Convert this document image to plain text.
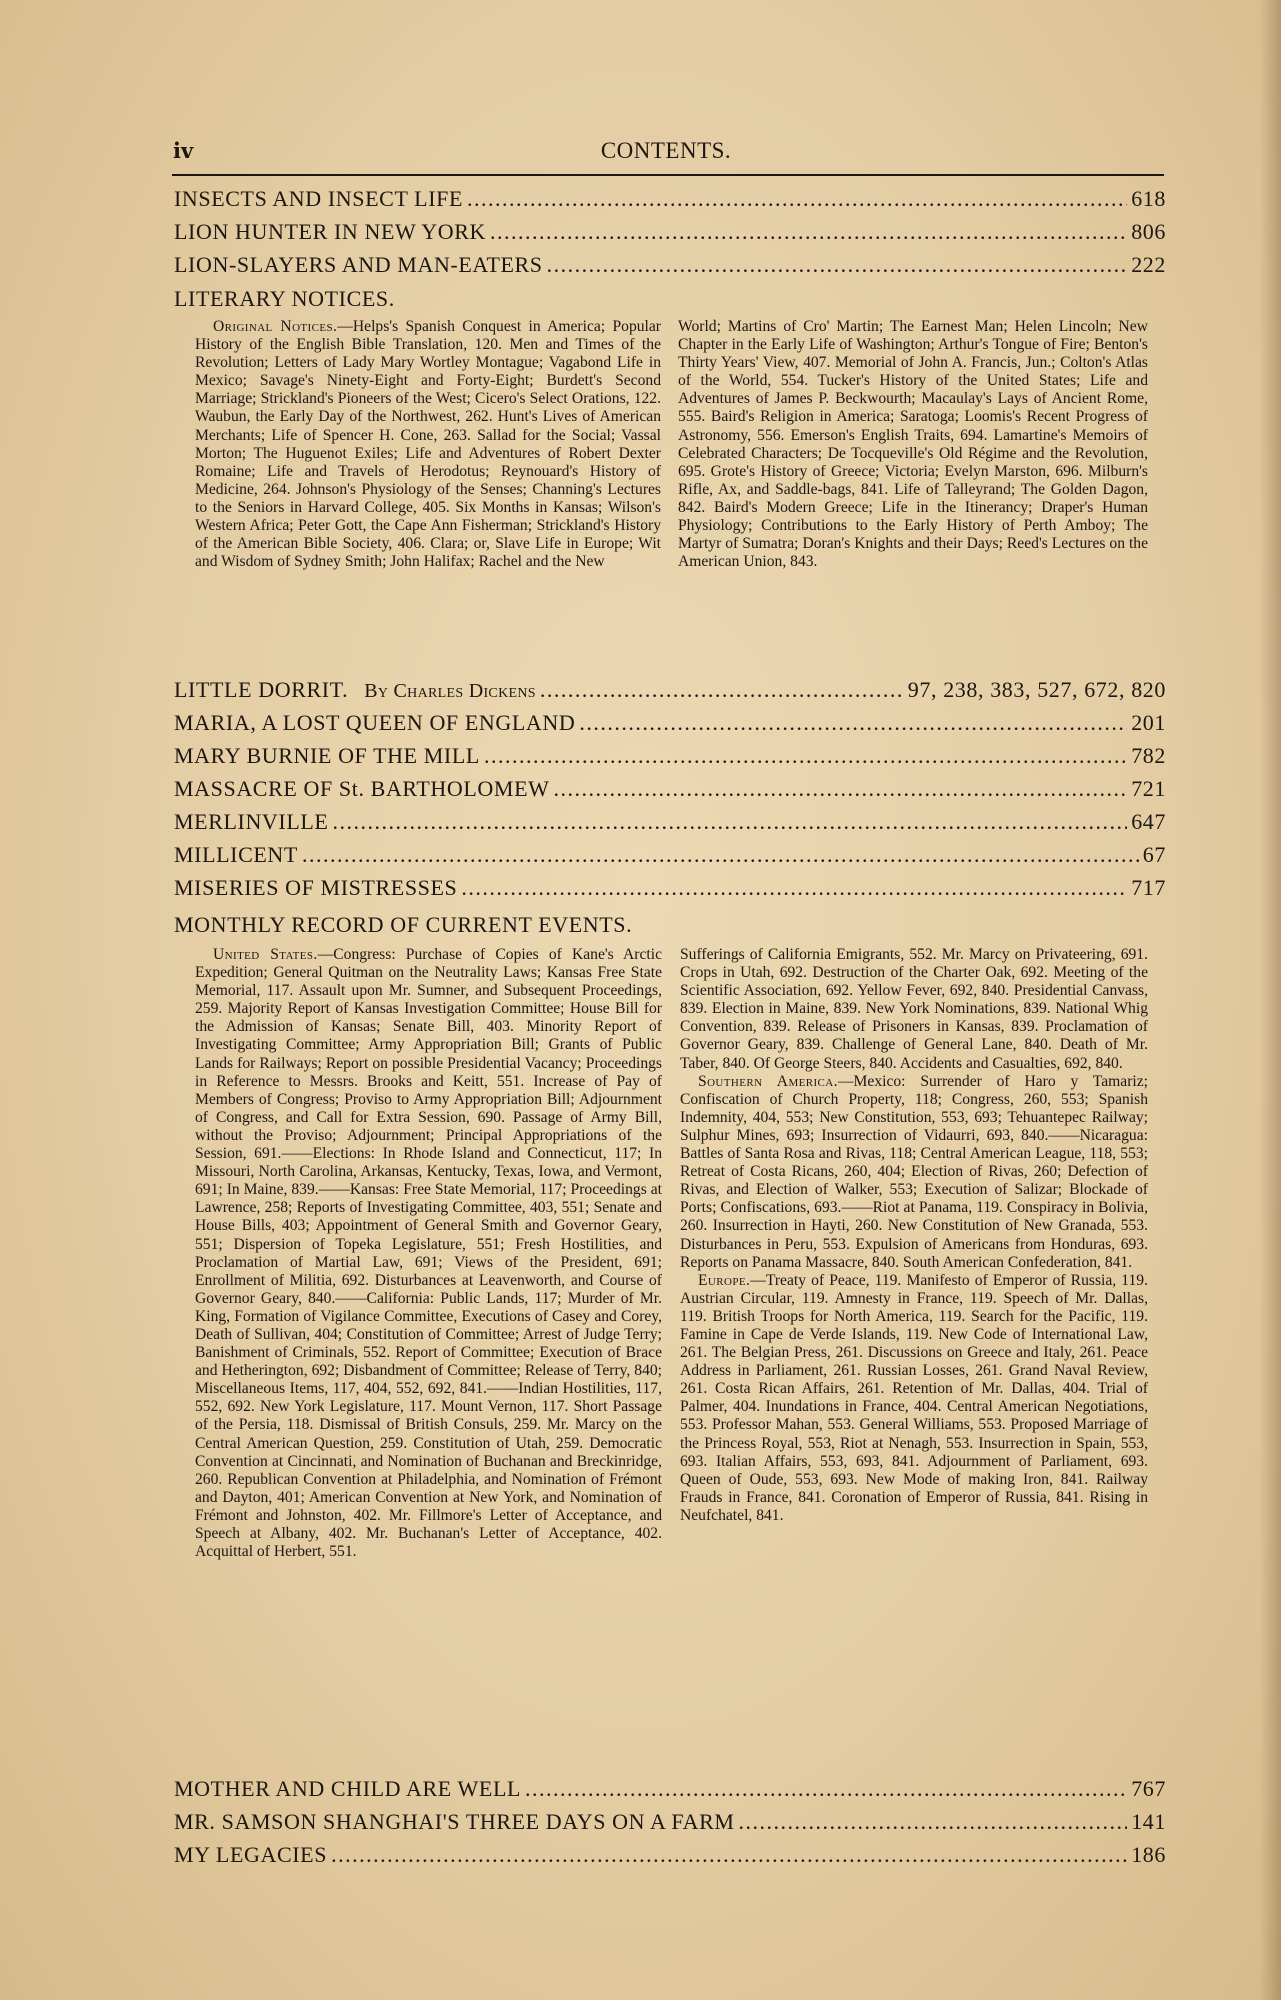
iv	CONTENTS.
INSECTS AND INSECT LIFE .....	618
LION HUNTER IN NEW YORK .....	806
LION-SLAYERS AND MAN-EATERS .....	222
LITERARY NOTICES.

Original Notices.—Helps's Spanish Conquest in America; Popular History of the English Bible Translation, 120. Men and Times of the Revolution; Letters of Lady Mary Wortley Montague; Vagabond Life in Mexico; Savage's Ninety-Eight and Forty-Eight; Burdett's Second Marriage; Strickland's Pioneers of the West; Cicero's Select Orations, 122. Waubun, the Early Day of the Northwest, 262. Hunt's Lives of American Merchants; Life of Spencer H. Cone, 263. Sallad for the Social; Vassal Morton; The Huguenot Exiles; Life and Adventures of Robert Dexter Romaine; Life and Travels of Herodotus; Reynouard's History of Medicine, 264. Johnson's Physiology of the Senses; Channing's Lectures to the Seniors in Harvard College, 405. Six Months in Kansas; Wilson's Western Africa; Peter Gott, the Cape Ann Fisherman; Strickland's History of the American Bible Society, 406. Clara; or, Slave Life in Europe; Wit and Wisdom of Sydney Smith; John Halifax; Rachel and the New

World; Martins of Cro' Martin; The Earnest Man; Helen Lincoln; New Chapter in the Early Life of Washington; Arthur's Tongue of Fire; Benton's Thirty Years' View, 407. Memorial of John A. Francis, Jun.; Colton's Atlas of the World, 554. Tucker's History of the United States; Life and Adventures of James P. Beckwourth; Macaulay's Lays of Ancient Rome, 555. Baird's Religion in America; Saratoga; Loomis's Recent Progress of Astronomy, 556. Emerson's English Traits, 694. Lamartine's Memoirs of Celebrated Characters; De Tocqueville's Old Régime and the Revolution, 695. Grote's History of Greece; Victoria; Evelyn Marston, 696. Milburn's Rifle, Ax, and Saddle-bags, 841. Life of Talleyrand; The Golden Dagon, 842. Baird's Modern Greece; Life in the Itinerancy; Draper's Human Physiology; Contributions to the Early History of Perth Amboy; The Martyr of Sumatra; Doran's Knights and their Days; Reed's Lectures on the American Union, 843.

LITTLE DORRIT. By Charles Dickens .....	97, 238, 383, 527, 672, 820
MARIA, A LOST QUEEN OF ENGLAND .....	201
MARY BURNIE OF THE MILL .....	782
MASSACRE OF St. BARTHOLOMEW .....	721
MERLINVILLE .....	647
MILLICENT .....	67
MISERIES OF MISTRESSES .....	717
MONTHLY RECORD OF CURRENT EVENTS.

United States.—Congress: Purchase of Copies of Kane's Arctic Expedition; General Quitman on the Neutrality Laws; Kansas Free State Memorial, 117. Assault upon Mr. Sumner, and Subsequent Proceedings, 259. Majority Report of Kansas Investigation Committee; House Bill for the Admission of Kansas; Senate Bill, 403. Minority Report of Investigating Committee; Army Appropriation Bill; Grants of Public Lands for Railways; Report on possible Presidential Vacancy; Proceedings in Reference to Messrs. Brooks and Keitt, 551. Increase of Pay of Members of Congress; Proviso to Army Appropriation Bill; Adjournment of Congress, and Call for Extra Session, 690. Passage of Army Bill, without the Proviso; Adjournment; Principal Appropriations of the Session, 691.——Elections: In Rhode Island and Connecticut, 117; In Missouri, North Carolina, Arkansas, Kentucky, Texas, Iowa, and Vermont, 691; In Maine, 839.——Kansas: Free State Memorial, 117; Proceedings at Lawrence, 258; Reports of Investigating Committee, 403, 551; Senate and House Bills, 403; Appointment of General Smith and Governor Geary, 551; Dispersion of Topeka Legislature, 551; Fresh Hostilities, and Proclamation of Martial Law, 691; Views of the President, 691; Enrollment of Militia, 692. Disturbances at Leavenworth, and Course of Governor Geary, 840.——California: Public Lands, 117; Murder of Mr. King, Formation of Vigilance Committee, Executions of Casey and Corey, Death of Sullivan, 404; Constitution of Committee; Arrest of Judge Terry; Banishment of Criminals, 552. Report of Committee; Execution of Brace and Hetherington, 692; Disbandment of Committee; Release of Terry, 840; Miscellaneous Items, 117, 404, 552, 692, 841.——Indian Hostilities, 117, 552, 692. New York Legislature, 117. Mount Vernon, 117. Short Passage of the Persia, 118. Dismissal of British Consuls, 259. Mr. Marcy on the Central American Question, 259. Constitution of Utah, 259. Democratic Convention at Cincinnati, and Nomination of Buchanan and Breckinridge, 260. Republican Convention at Philadelphia, and Nomination of Frémont and Dayton, 401; American Convention at New York, and Nomination of Frémont and Johnston, 402. Mr. Fillmore's Letter of Acceptance, and Speech at Albany, 402. Mr. Buchanan's Letter of Acceptance, 402. Acquittal of Herbert, 551.

Sufferings of California Emigrants, 552. Mr. Marcy on Privateering, 691. Crops in Utah, 692. Destruction of the Charter Oak, 692. Meeting of the Scientific Association, 692. Yellow Fever, 692, 840. Presidential Canvass, 839. Election in Maine, 839. New York Nominations, 839. National Whig Convention, 839. Release of Prisoners in Kansas, 839. Proclamation of Governor Geary, 839. Challenge of General Lane, 840. Death of Mr. Taber, 840. Of George Steers, 840. Accidents and Casualties, 692, 840.

Southern America.—Mexico: Surrender of Haro y Tamariz; Confiscation of Church Property, 118; Congress, 260, 553; Spanish Indemnity, 404, 553; New Constitution, 553, 693; Tehuantepec Railway; Sulphur Mines, 693; Insurrection of Vidaurri, 693, 840.——Nicaragua: Battles of Santa Rosa and Rivas, 118; Central American League, 118, 553; Retreat of Costa Ricans, 260, 404; Election of Rivas, 260; Defection of Rivas, and Election of Walker, 553; Execution of Salizar; Blockade of Ports; Confiscations, 693.——Riot at Panama, 119. Conspiracy in Bolivia, 260. Insurrection in Hayti, 260. New Constitution of New Granada, 553. Disturbances in Peru, 553. Expulsion of Americans from Honduras, 693. Reports on Panama Massacre, 840. South American Confederation, 841.

Europe.—Treaty of Peace, 119. Manifesto of Emperor of Russia, 119. Austrian Circular, 119. Amnesty in France, 119. Speech of Mr. Dallas, 119. British Troops for North America, 119. Search for the Pacific, 119. Famine in Cape de Verde Islands, 119. New Code of International Law, 261. The Belgian Press, 261. Discussions on Greece and Italy, 261. Peace Address in Parliament, 261. Russian Losses, 261. Grand Naval Review, 261. Costa Rican Affairs, 261. Retention of Mr. Dallas, 404. Trial of Palmer, 404. Inundations in France, 404. Central American Negotiations, 553. Professor Mahan, 553. General Williams, 553. Proposed Marriage of the Princess Royal, 553, Riot at Nenagh, 553. Insurrection in Spain, 553, 693. Italian Affairs, 553, 693, 841. Adjournment of Parliament, 693. Queen of Oude, 553, 693. New Mode of making Iron, 841. Railway Frauds in France, 841. Coronation of Emperor of Russia, 841. Rising in Neufchatel, 841.

MOTHER AND CHILD ARE WELL .....	767
MR. SAMSON SHANGHAI'S THREE DAYS ON A FARM .....	141
MY LEGACIES .....	186
